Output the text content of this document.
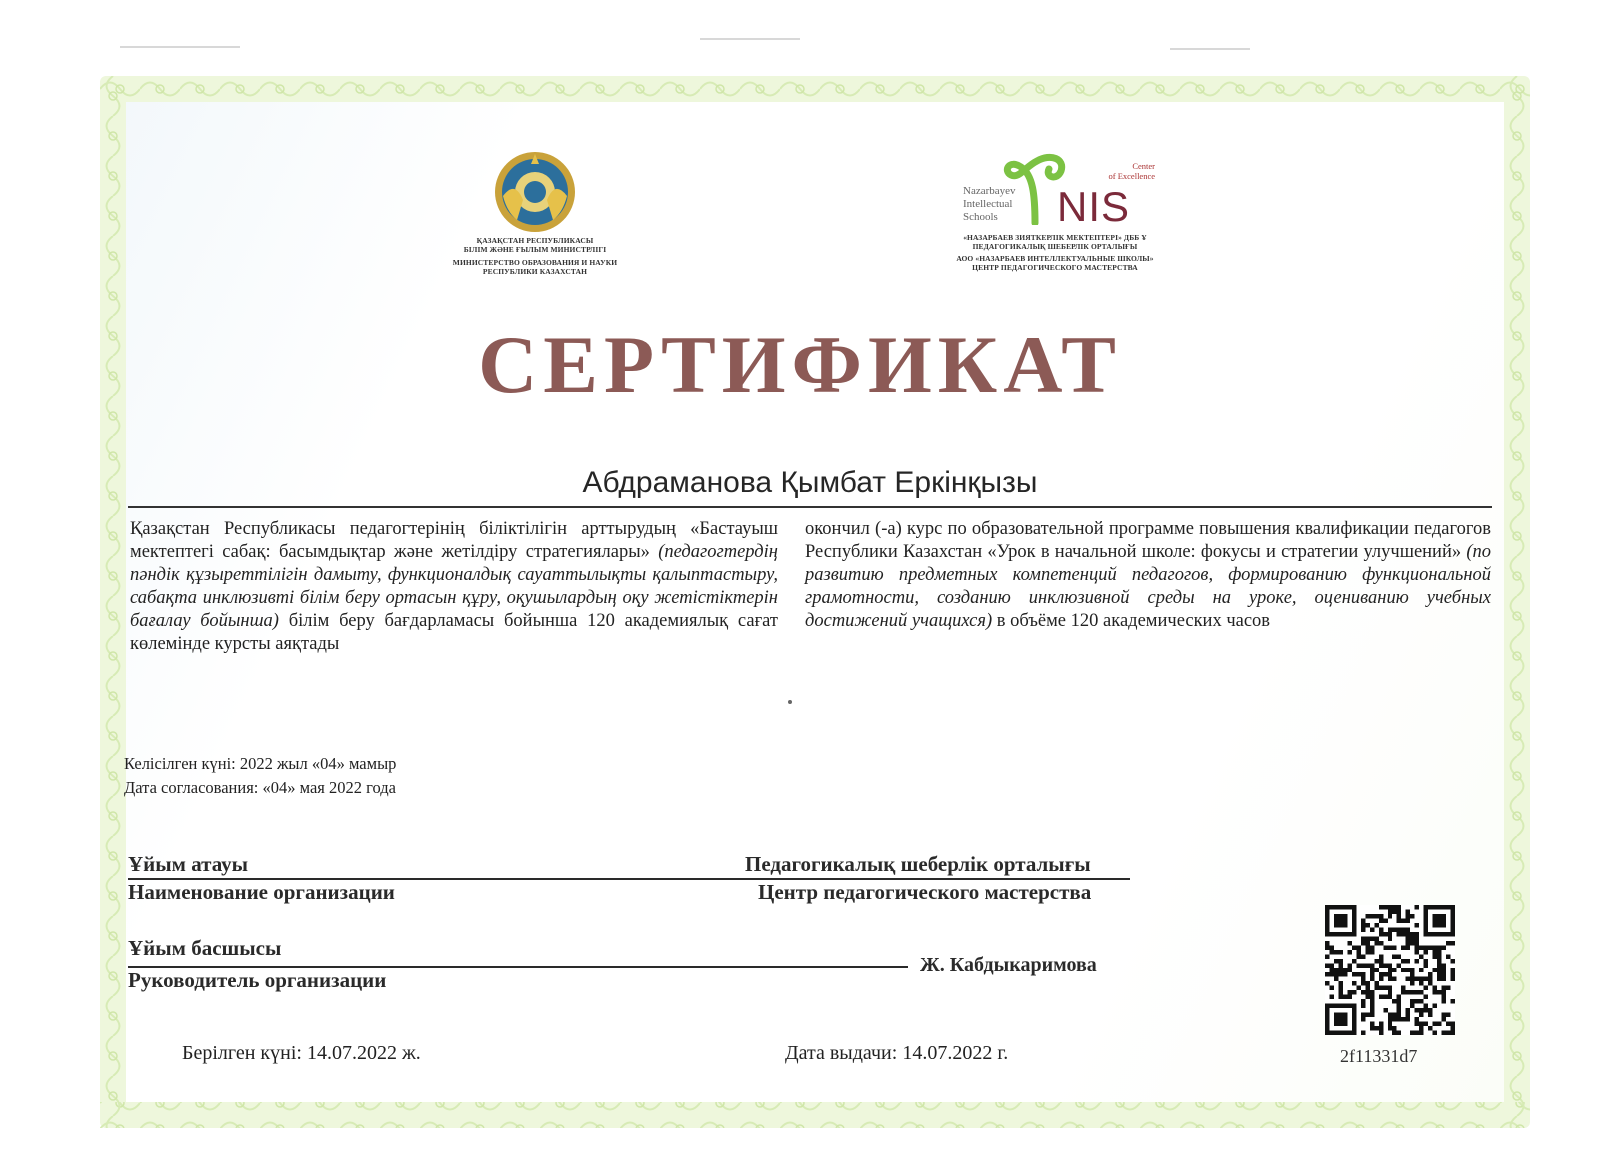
ҚАЗАҚСТАН РЕСПУБЛИКАСЫ
БІЛІМ ЖӘНЕ ҒЫЛЫМ МИНИСТРЛІГІ
МИНИСТЕРСТВО ОБРАЗОВАНИЯ И НАУКИ
РЕСПУБЛИКИ КАЗАХСТАН
Nazarbayev
Intellectual
Schools
Center
of Excellence
NIS
«НАЗАРБАЕВ ЗИЯТКЕРЛІК МЕКТЕПТЕРІ» ДББ Ұ
ПЕДАГОГИКАЛЫҚ ШЕБЕРЛІК ОРТАЛЫҒЫ
АОО «НАЗАРБАЕВ ИНТЕЛЛЕКТУАЛЬНЫЕ ШКОЛЫ»
ЦЕНТР ПЕДАГОГИЧЕСКОГО МАСТЕРСТВА
СЕРТИФИКАТ
Абдраманова Қымбат Еркінқызы

Қазақстан Республикасы педагогтерінің біліктілігін арттырудың «Бастауыш мектептегі сабақ: басымдықтар және жетілдіру стратегиялары» (педагогтердің пәндік құзыреттілігін дамыту, функционалдық сауаттылықты қалыптастыру, сабақта инклюзивті білім беру ортасын құру, оқушылардың оқу жетістіктерін бағалау бойынша) білім беру бағдарламасы бойынша 120 академиялық сағат көлемінде курсты аяқтады

окончил (-а) курс по образовательной программе повышения квалификации педагогов Республики Казахстан «Урок в начальной школе: фокусы и стратегии улучшений» (по развитию предметных компетенций педагогов, формированию функциональной грамотности, созданию инклюзивной среды на уроке, оцениванию учебных достижений учащихся) в объёме 120 академических часов

Келісілген күні: 2022 жыл «04» мамыр
Дата согласования: «04» мая 2022 года
Ұйым атауы	Педагогикалық шеберлік орталығы
Наименование организации	Центр педагогического мастерства
Ұйым басшысы
Ж. Кабдыкаримова
Руководитель организации
Берілген күні: 14.07.2022 ж.	Дата выдачи: 14.07.2022 г.	2f11331d7
